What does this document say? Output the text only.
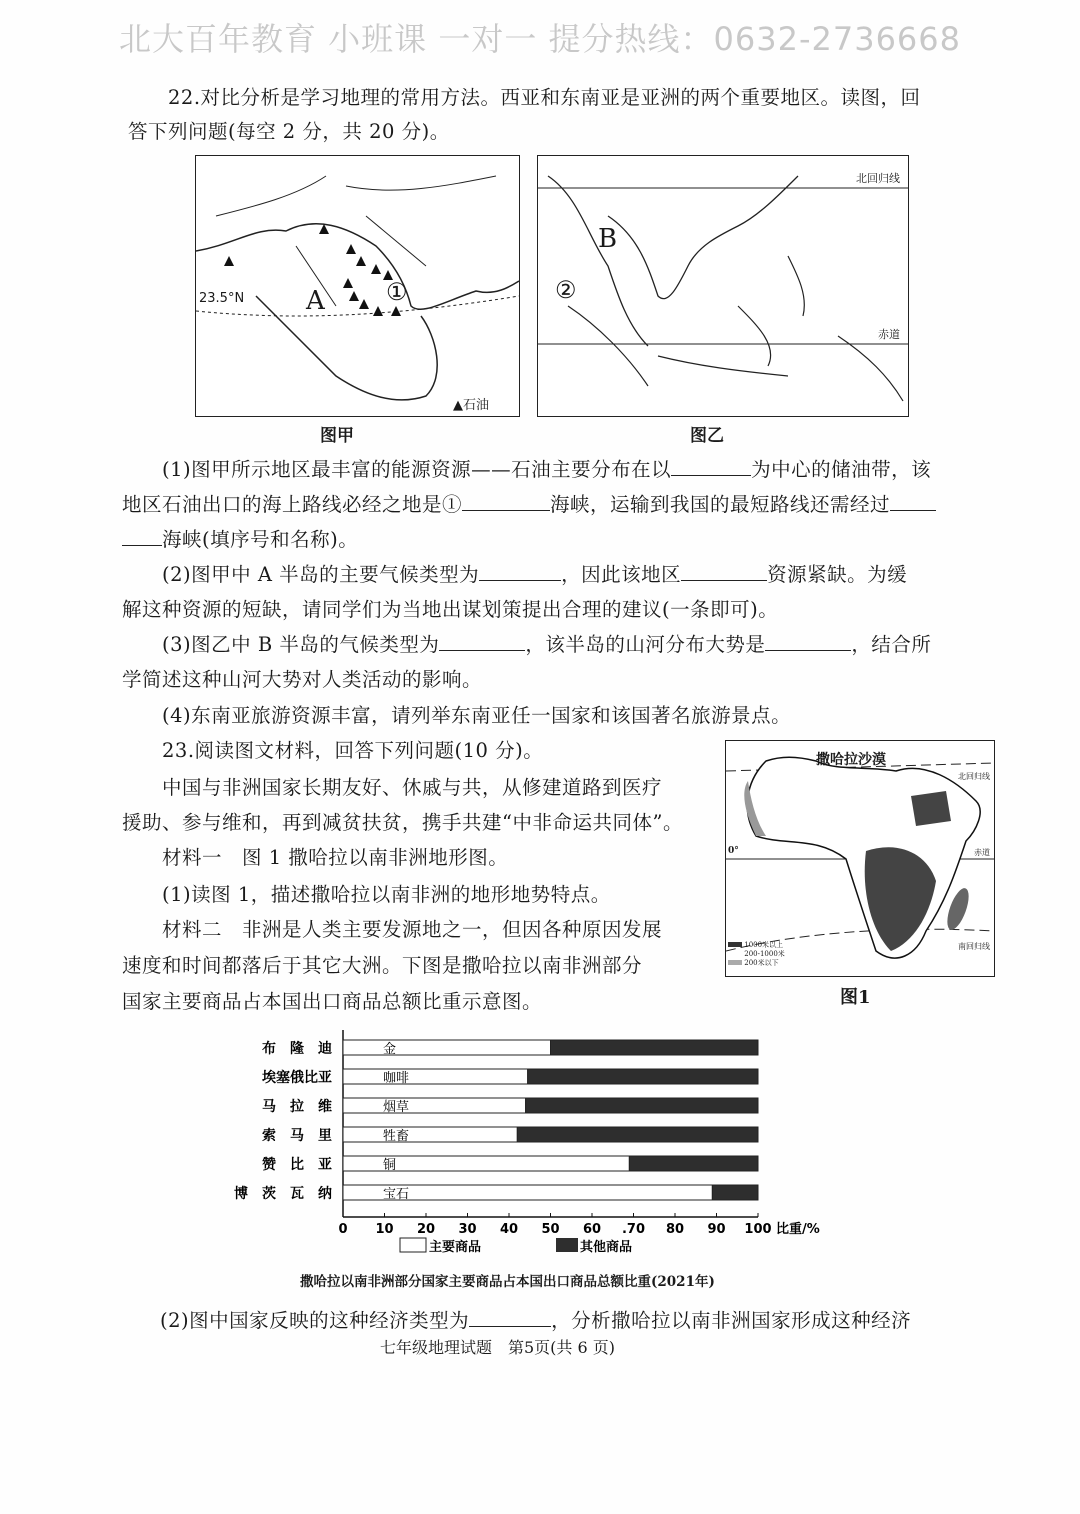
北大百年教育 小班课 一对一 提分热线：0632-2736668
22.对比分析是学习地理的常用方法。西亚和东南亚是亚洲的两个重要地区。读图，回
答下列问题(每空 2 分，共 20 分)。
23.5°N A	①
▲石油
图甲
北回归线
赤道
B
②
图乙
(1)图甲所示地区最丰富的能源资源——石油主要分布在以	为中心的储油带，该
地区石油出口的海上路线必经之地是①	海峡，运输到我国的最短路线还需经过
海峡(填序号和名称)。
(2)图甲中 A 半岛的主要气候类型为	，因此该地区	资源紧缺。为缓
解这种资源的短缺，请同学们为当地出谋划策提出合理的建议(一条即可)。
(3)图乙中 B 半岛的气候类型为	，该半岛的山河分布大势是	，结合所
学简述这种山河大势对人类活动的影响。
(4)东南亚旅游资源丰富，请列举东南亚任一国家和该国著名旅游景点。
23.阅读图文材料，回答下列问题(10 分)。
中国与非洲国家长期友好、休戚与共，从修建道路到医疗
援助、参与维和，再到减贫扶贫，携手共建“中非命运共同体”。
材料一　图 1 撒哈拉以南非洲地形图。
(1)读图 1，描述撒哈拉以南非洲的地形地势特点。
材料二　非洲是人类主要发源地之一，但因各种原因发展
速度和时间都落后于其它大洲。下图是撒哈拉以南非洲部分
国家主要商品占本国出口商品总额比重示意图。
撒哈拉沙漠
北回归线
0°	赤道
南回归线
1000米以上
200-1000米
200米以下
图1
布　隆　迪	金
埃塞俄比亚	咖啡
马　拉　维	烟草
索　马　里	牲畜
赞　比　亚	铜
博　茨　瓦　纳	宝石
0 10 20 30 40 50 60 .70 80 90 100 比重/%
主要商品	其他商品
撒哈拉以南非洲部分国家主要商品占本国出口商品总额比重(2021年)
(2)图中国家反映的这种经济类型为	，分析撒哈拉以南非洲国家形成这种经济
七年级地理试题　第5页(共 6 页)
